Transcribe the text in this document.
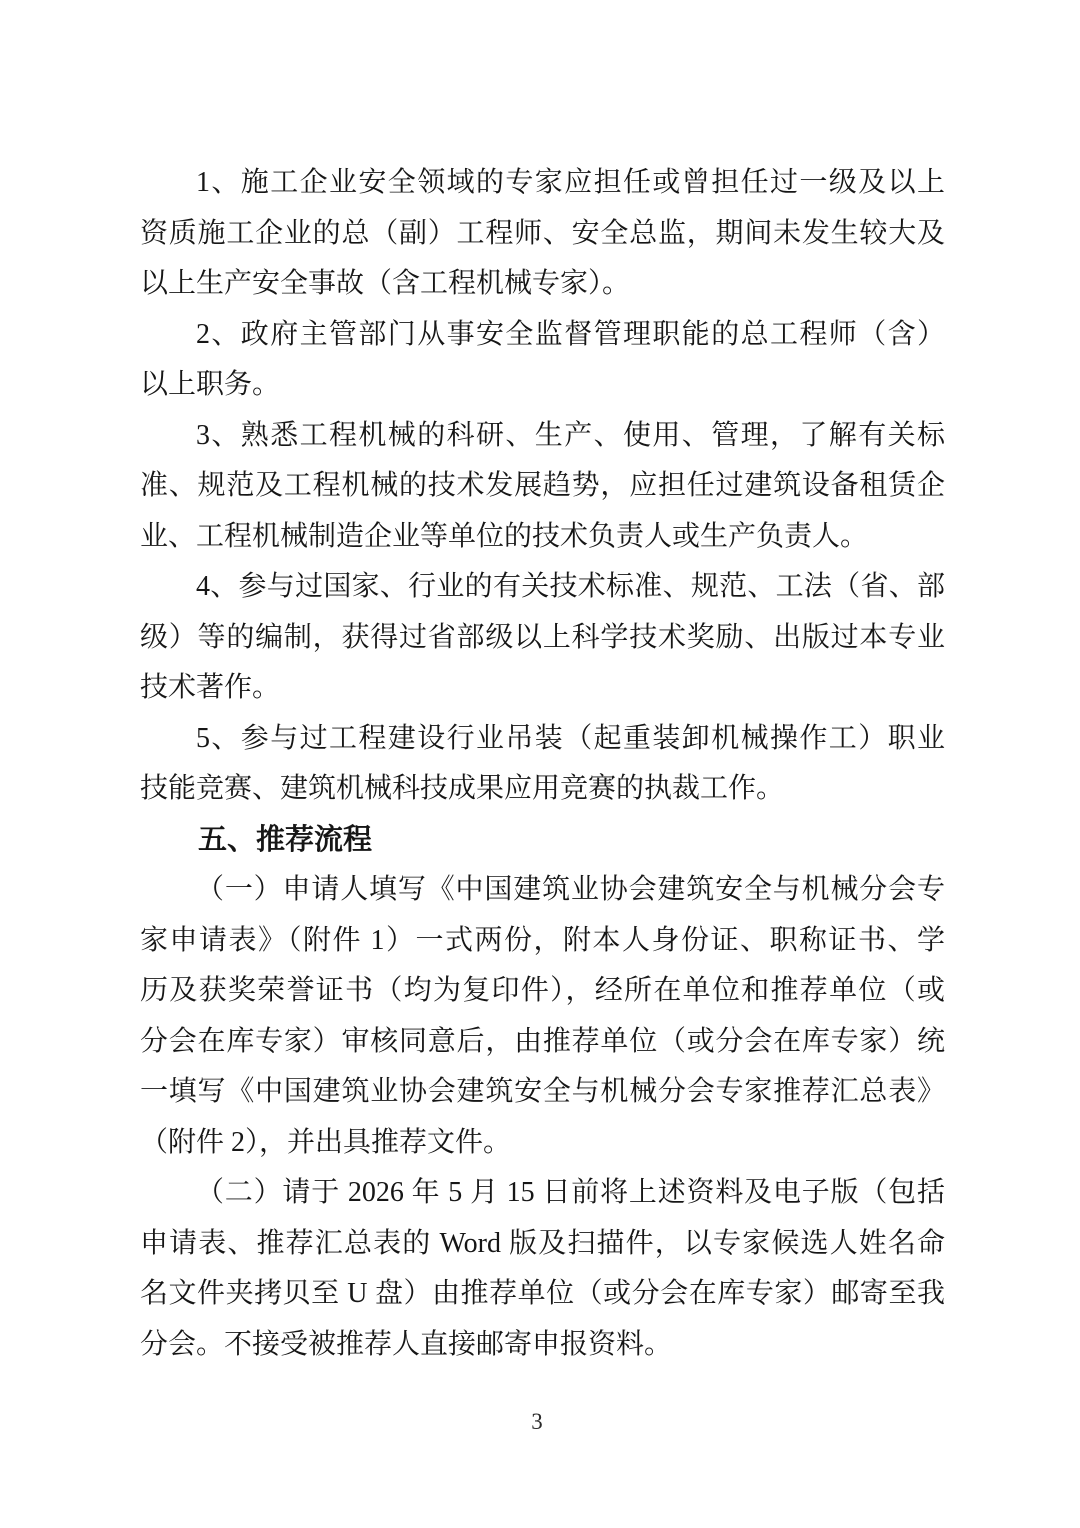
1、施工企业安全领域的专家应担任或曾担任过一级及以上
资质施工企业的总（副）工程师、安全总监，期间未发生较大及
以上生产安全事故（含工程机械专家）。
2、政府主管部门从事安全监督管理职能的总工程师（含）
以上职务。
3、熟悉工程机械的科研、生产、使用、管理，了解有关标
准、规范及工程机械的技术发展趋势，应担任过建筑设备租赁企
业、工程机械制造企业等单位的技术负责人或生产负责人。
4、参与过国家、行业的有关技术标准、规范、工法（省、部
级）等的编制，获得过省部级以上科学技术奖励、出版过本专业
技术著作。
5、参与过工程建设行业吊装（起重装卸机械操作工）职业
技能竞赛、建筑机械科技成果应用竞赛的执裁工作。
五、推荐流程
（一）申请人填写《中国建筑业协会建筑安全与机械分会专
家申请表》（附件 1）一式两份，附本人身份证、职称证书、学
历及获奖荣誉证书（均为复印件），经所在单位和推荐单位（或
分会在库专家）审核同意后，由推荐单位（或分会在库专家）统
一填写《中国建筑业协会建筑安全与机械分会专家推荐汇总表》
（附件 2），并出具推荐文件。
（二）请于 2026 年 5 月 15 日前将上述资料及电子版（包括
申请表、推荐汇总表的 Word 版及扫描件，以专家候选人姓名命
名文件夹拷贝至 U 盘）由推荐单位（或分会在库专家）邮寄至我
分会。不接受被推荐人直接邮寄申报资料。
3
